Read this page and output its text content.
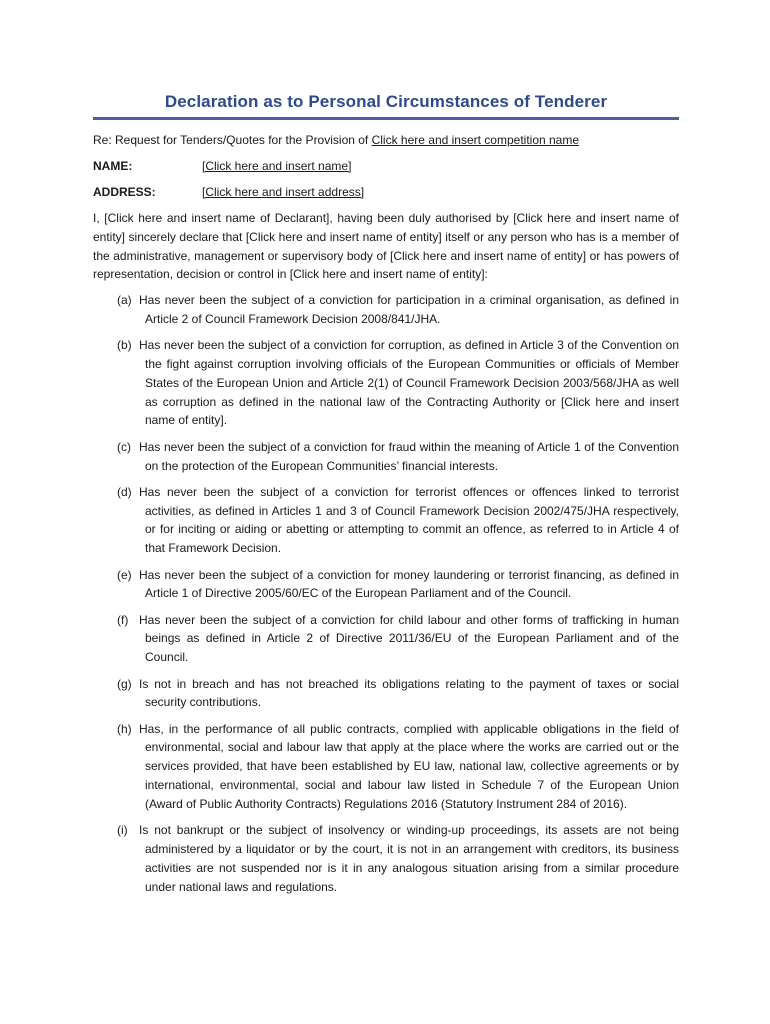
Declaration as to Personal Circumstances of Tenderer
Re: Request for Tenders/Quotes for the Provision of Click here and insert competition name
NAME:	[Click here and insert name]
ADDRESS:	[Click here and insert address]
I, [Click here and insert name of Declarant], having been duly authorised by [Click here and insert name of entity] sincerely declare that [Click here and insert name of entity] itself or any person who has is a member of the administrative, management or supervisory body of [Click here and insert name of entity] or has powers of representation, decision or control in [Click here and insert name of entity]:
(a) Has never been the subject of a conviction for participation in a criminal organisation, as defined in Article 2 of Council Framework Decision 2008/841/JHA.
(b) Has never been the subject of a conviction for corruption, as defined in Article 3 of the Convention on the fight against corruption involving officials of the European Communities or officials of Member States of the European Union and Article 2(1) of Council Framework Decision 2003/568/JHA as well as corruption as defined in the national law of the Contracting Authority or [Click here and insert name of entity].
(c) Has never been the subject of a conviction for fraud within the meaning of Article 1 of the Convention on the protection of the European Communities’ financial interests.
(d) Has never been the subject of a conviction for terrorist offences or offences linked to terrorist activities, as defined in Articles 1 and 3 of Council Framework Decision 2002/475/JHA respectively, or for inciting or aiding or abetting or attempting to commit an offence, as referred to in Article 4 of that Framework Decision.
(e) Has never been the subject of a conviction for money laundering or terrorist financing, as defined in Article 1 of Directive 2005/60/EC of the European Parliament and of the Council.
(f) Has never been the subject of a conviction for child labour and other forms of trafficking in human beings as defined in Article 2 of Directive 2011/36/EU of the European Parliament and of the Council.
(g) Is not in breach and has not breached its obligations relating to the payment of taxes or social security contributions.
(h) Has, in the performance of all public contracts, complied with applicable obligations in the field of environmental, social and labour law that apply at the place where the works are carried out or the services provided, that have been established by EU law, national law, collective agreements or by international, environmental, social and labour law listed in Schedule 7 of the European Union (Award of Public Authority Contracts) Regulations 2016 (Statutory Instrument 284 of 2016).
(i) Is not bankrupt or the subject of insolvency or winding-up proceedings, its assets are not being administered by a liquidator or by the court, it is not in an arrangement with creditors, its business activities are not suspended nor is it in any analogous situation arising from a similar procedure under national laws and regulations.
